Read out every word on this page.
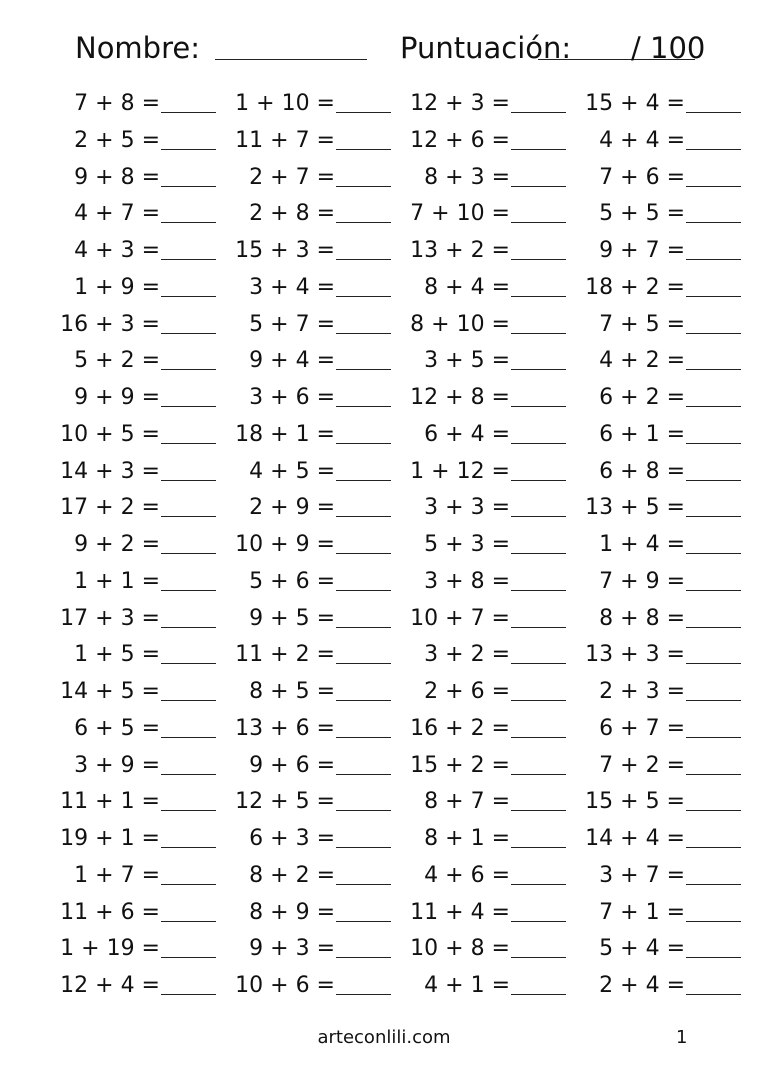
Nombre:	Puntuación: / 100
7 + 8 =
2 + 5 =
9 + 8 =
4 + 7 =
4 + 3 =
1 + 9 =
16 + 3 =
5 + 2 =
9 + 9 =
10 + 5 =
14 + 3 =
17 + 2 =
9 + 2 =
1 + 1 =
17 + 3 =
1 + 5 =
14 + 5 =
6 + 5 =
3 + 9 =
11 + 1 =
19 + 1 =
1 + 7 =
11 + 6 =
1 + 19 =
12 + 4 =
1 + 10 =
11 + 7 =
2 + 7 =
2 + 8 =
15 + 3 =
3 + 4 =
5 + 7 =
9 + 4 =
3 + 6 =
18 + 1 =
4 + 5 =
2 + 9 =
10 + 9 =
5 + 6 =
9 + 5 =
11 + 2 =
8 + 5 =
13 + 6 =
9 + 6 =
12 + 5 =
6 + 3 =
8 + 2 =
8 + 9 =
9 + 3 =
10 + 6 =
12 + 3 =
12 + 6 =
8 + 3 =
7 + 10 =
13 + 2 =
8 + 4 =
8 + 10 =
3 + 5 =
12 + 8 =
6 + 4 =
1 + 12 =
3 + 3 =
5 + 3 =
3 + 8 =
10 + 7 =
3 + 2 =
2 + 6 =
16 + 2 =
15 + 2 =
8 + 7 =
8 + 1 =
4 + 6 =
11 + 4 =
10 + 8 =
4 + 1 =
15 + 4 =
4 + 4 =
7 + 6 =
5 + 5 =
9 + 7 =
18 + 2 =
7 + 5 =
4 + 2 =
6 + 2 =
6 + 1 =
6 + 8 =
13 + 5 =
1 + 4 =
7 + 9 =
8 + 8 =
13 + 3 =
2 + 3 =
6 + 7 =
7 + 2 =
15 + 5 =
14 + 4 =
3 + 7 =
7 + 1 =
5 + 4 =
2 + 4 =
arteconlili.com	1
